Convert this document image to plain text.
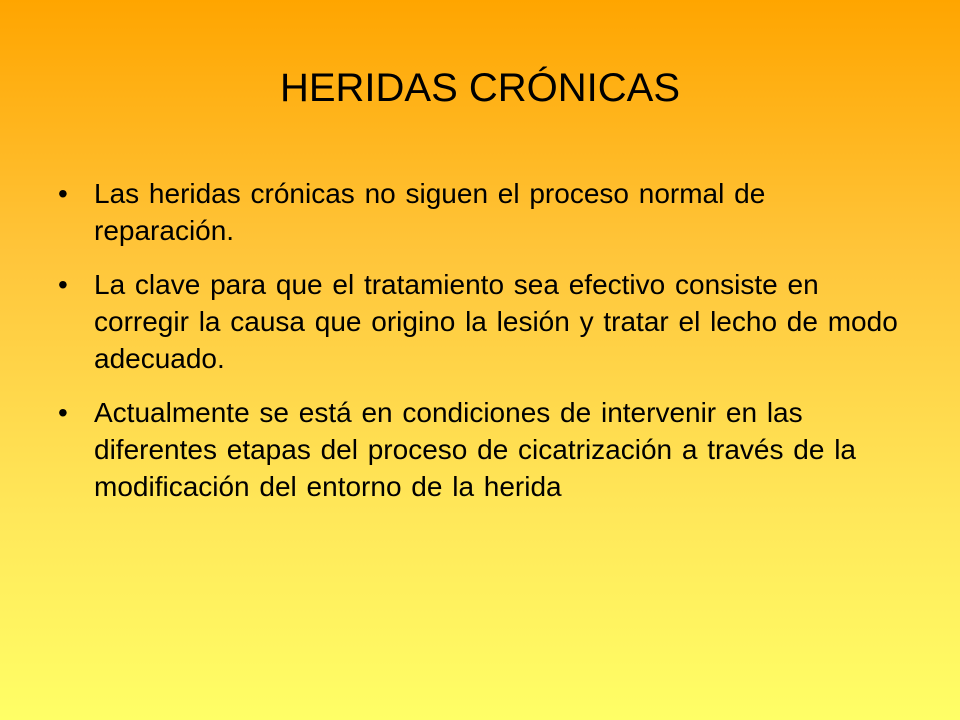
HERIDAS CRÓNICAS
• Las heridas crónicas no siguen el proceso normal de reparación.
• La clave para que el tratamiento sea efectivo consiste en corregir la causa que origino la lesión y tratar el lecho de modo adecuado.
• Actualmente se está en condiciones de intervenir en las diferentes etapas del proceso de cicatrización a través de la modificación del entorno de la herida
